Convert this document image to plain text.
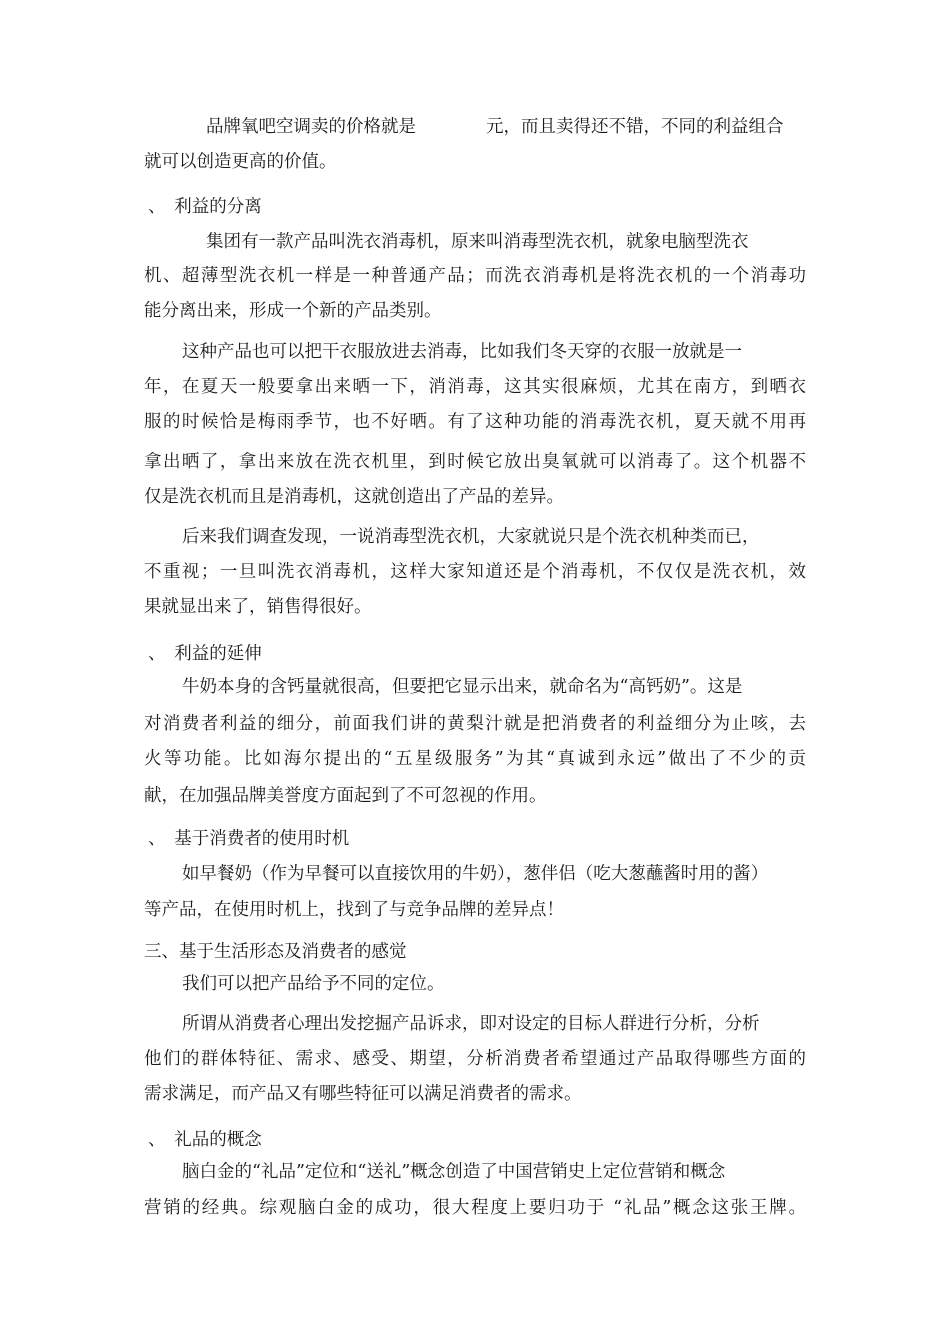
品牌氧吧空调卖的价格就是	元，而且卖得还不错，不同的利益组合
就可以创造更高的价值。
、　利益的分离
集团有一款产品叫洗衣消毒机，原来叫消毒型洗衣机，就象电脑型洗衣
机、超薄型洗衣机一样是一种普通产品；而洗衣消毒机是将洗衣机的一个消毒功
能分离出来，形成一个新的产品类别。
这种产品也可以把干衣服放进去消毒，比如我们冬天穿的衣服一放就是一
年，在夏天一般要拿出来晒一下，消消毒，这其实很麻烦，尤其在南方，到晒衣
服的时候恰是梅雨季节，也不好晒。有了这种功能的消毒洗衣机，夏天就不用再
拿出晒了，拿出来放在洗衣机里，到时候它放出臭氧就可以消毒了。这个机器不
仅是洗衣机而且是消毒机，这就创造出了产品的差异。
后来我们调查发现，一说消毒型洗衣机，大家就说只是个洗衣机种类而已，
不重视；一旦叫洗衣消毒机，这样大家知道还是个消毒机，不仅仅是洗衣机，效
果就显出来了，销售得很好。
、　利益的延伸
牛奶本身的含钙量就很高，但要把它显示出来，就命名为“高钙奶”。这是
对消费者利益的细分，前面我们讲的黄梨汁就是把消费者的利益细分为止咳，去
火等功能。比如海尔提出的“五星级服务”为其“真诚到永远”做出了不少的贡
献，在加强品牌美誉度方面起到了不可忽视的作用。
、　基于消费者的使用时机
如早餐奶（作为早餐可以直接饮用的牛奶），葱伴侣（吃大葱蘸酱时用的酱）
等产品，在使用时机上，找到了与竞争品牌的差异点！
三、基于生活形态及消费者的感觉
我们可以把产品给予不同的定位。
所谓从消费者心理出发挖掘产品诉求，即对设定的目标人群进行分析，分析
他们的群体特征、需求、感受、期望，分析消费者希望通过产品取得哪些方面的
需求满足，而产品又有哪些特征可以满足消费者的需求。
、　礼品的概念
脑白金的“礼品”定位和“送礼”概念创造了中国营销史上定位营销和概念
营销的经典。综观脑白金的成功，很大程度上要归功于 “礼品”概念这张王牌。
